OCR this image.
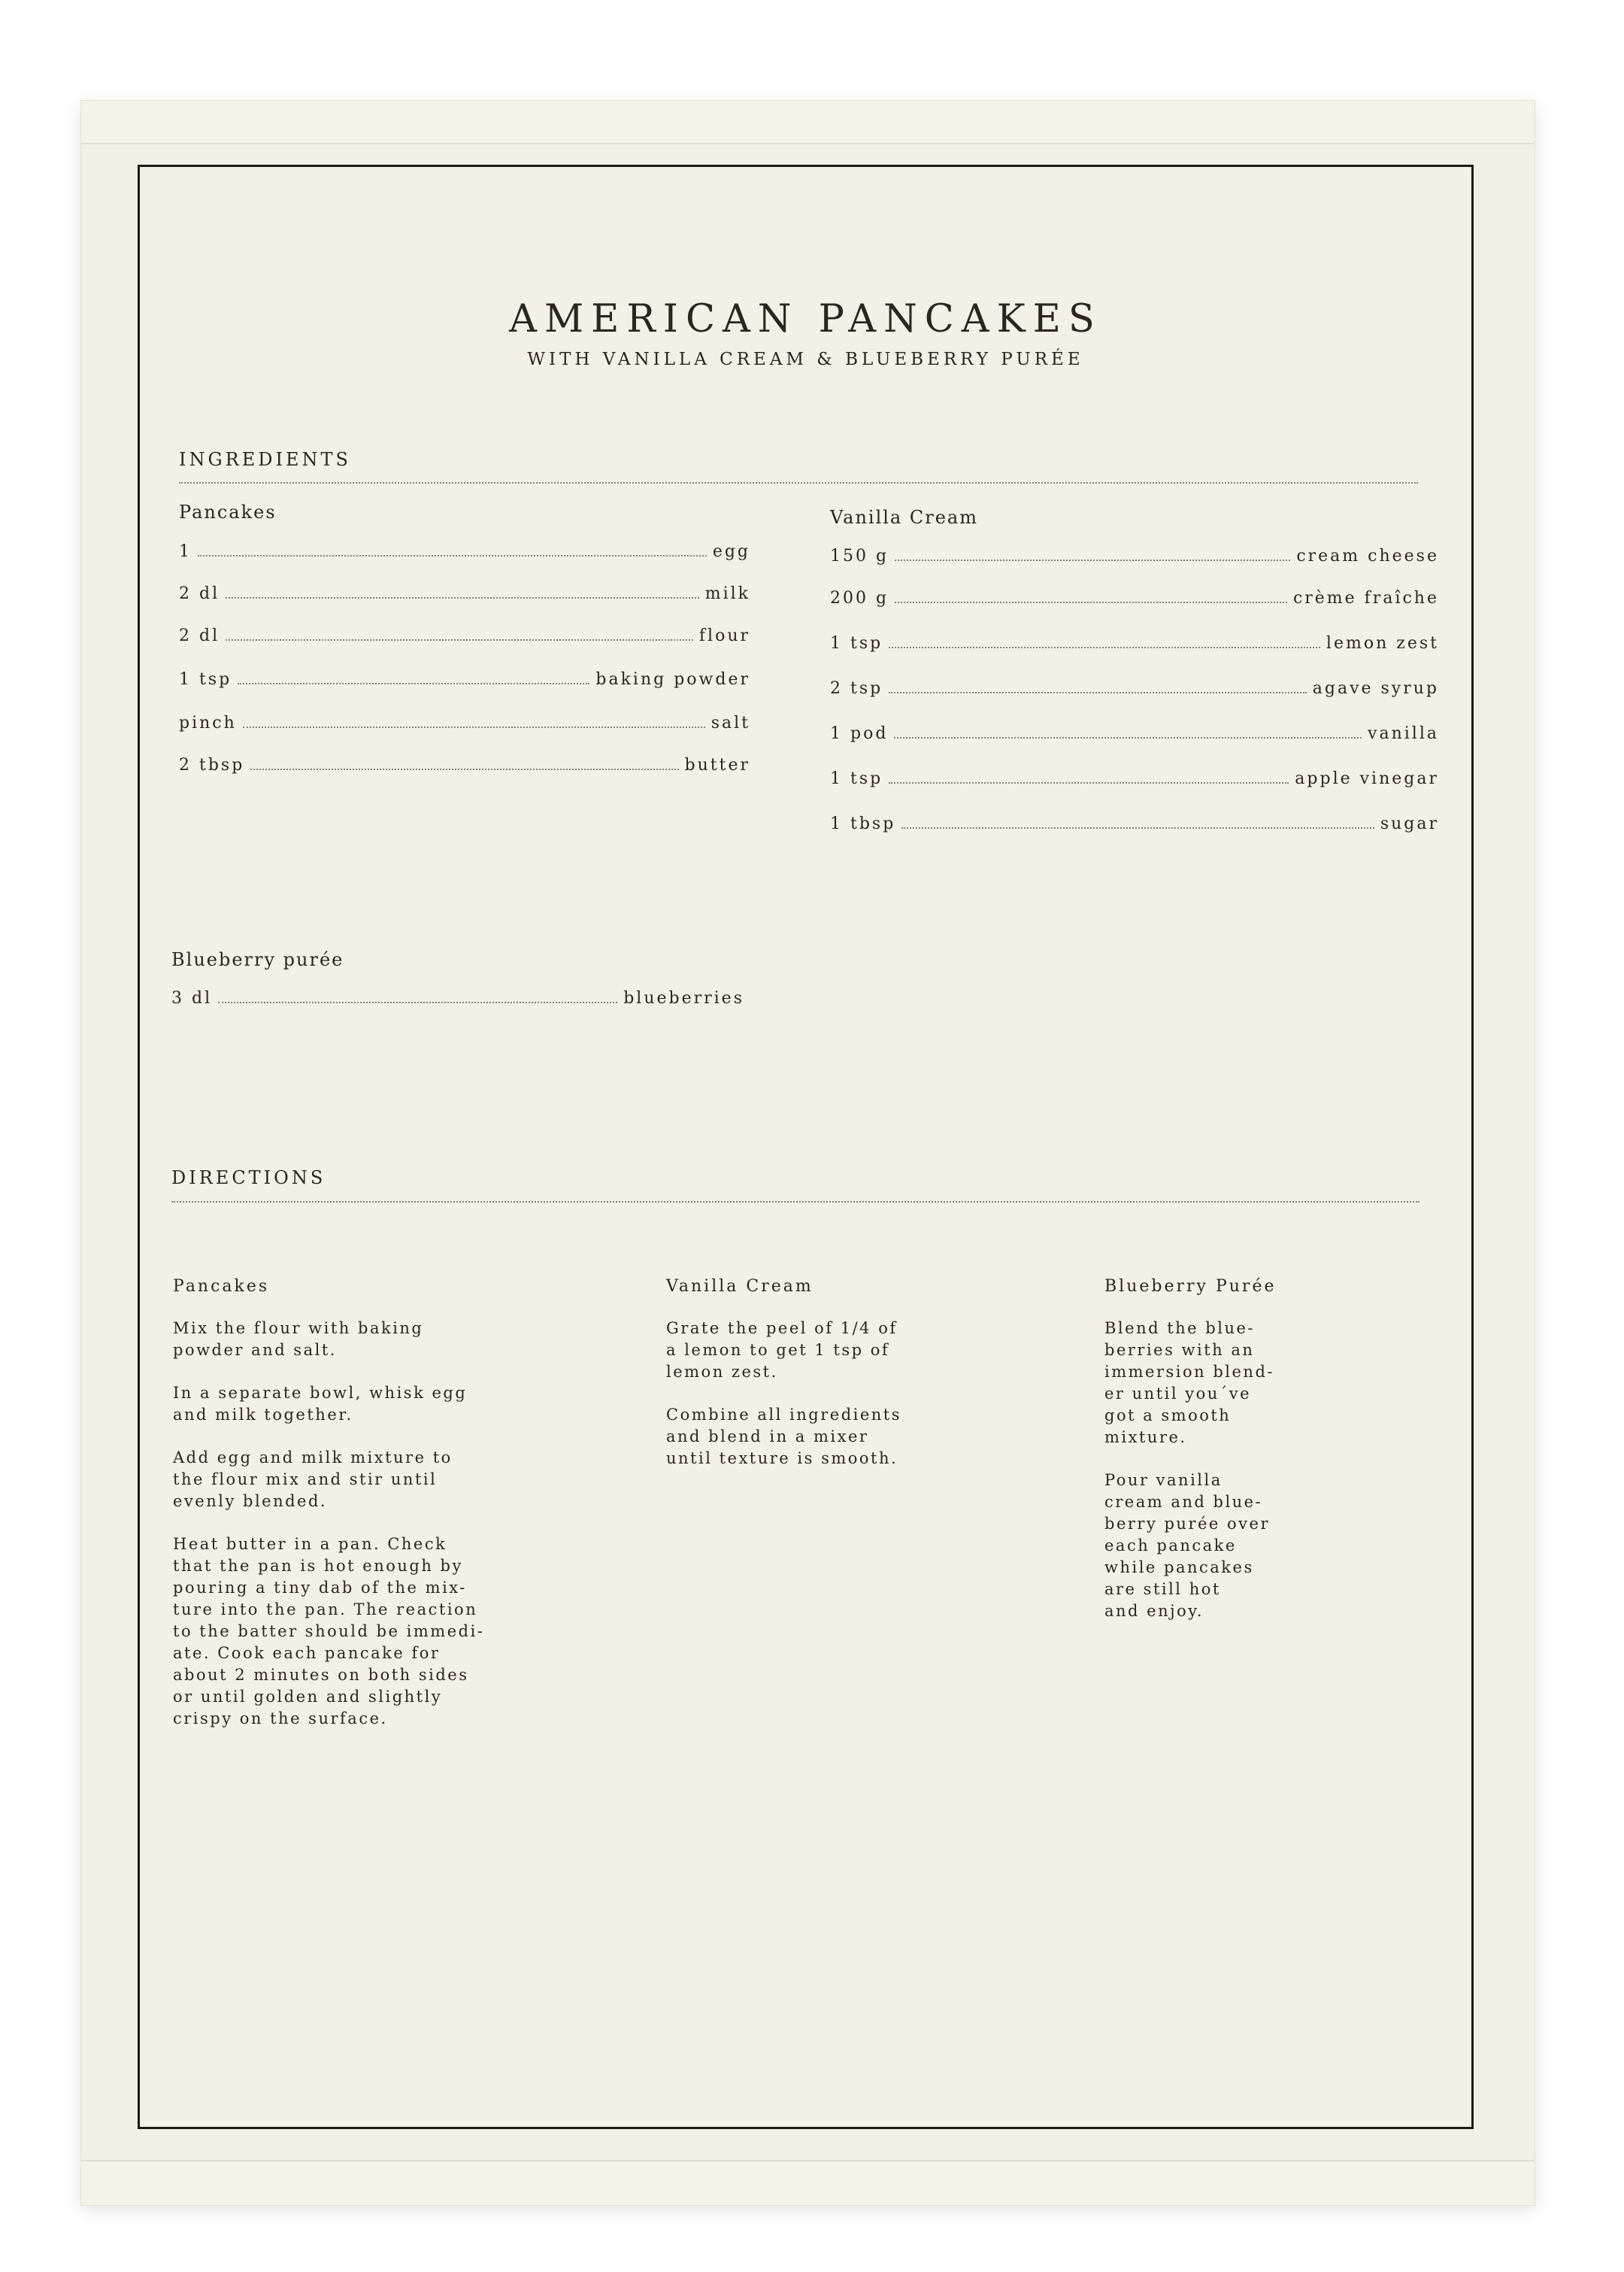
AMERICAN PANCAKES
WITH VANILLA CREAM & BLUEBERRY PURÉE
INGREDIENTS
Pancakes
1	egg
2 dl	milk
2 dl	flour
1 tsp	baking powder
pinch	salt
2 tbsp	butter
Vanilla Cream
150 g	cream cheese
200 g	crème fraîche
1 tsp	lemon zest
2 tsp	agave syrup
1 pod	vanilla
1 tsp	apple vinegar
1 tbsp	sugar
Blueberry purée
3 dl	blueberries
DIRECTIONS
Pancakes

Mix the flour with baking
powder and salt.

In a separate bowl, whisk egg
and milk together.

Add egg and milk mixture to
the flour mix and stir until
evenly blended.

Heat butter in a pan. Check
that the pan is hot enough by
pouring a tiny dab of the mix-
ture into the pan. The reaction
to the batter should be immedi-
ate. Cook each pancake for
about 2 minutes on both sides
or until golden and slightly
crispy on the surface.

Vanilla Cream

Grate the peel of 1/4 of
a lemon to get 1 tsp of
lemon zest.

Combine all ingredients
and blend in a mixer
until texture is smooth.

Blueberry Purée

Blend the blue-
berries with an
immersion blend-
er until you´ve
got a smooth
mixture.

Pour vanilla
cream and blue-
berry purée over
each pancake
while pancakes
are still hot
and enjoy.
